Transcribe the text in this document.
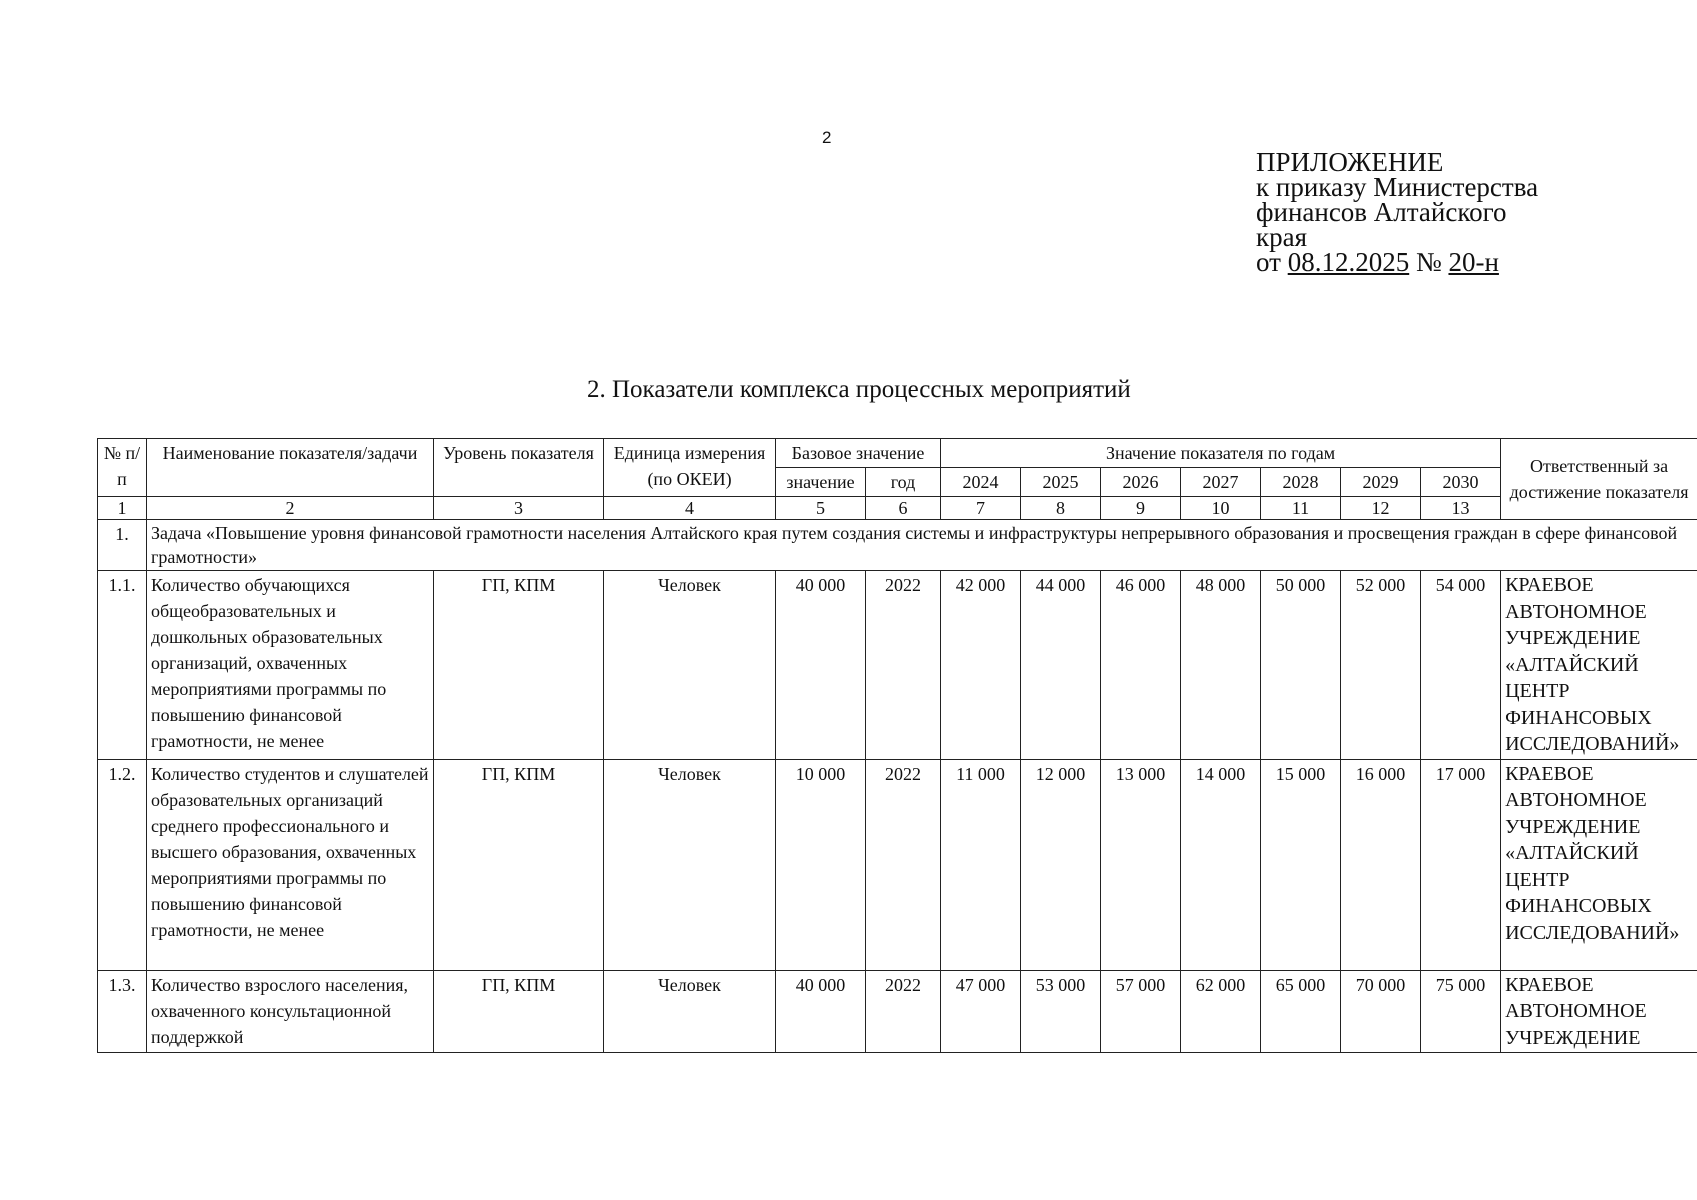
2
ПРИЛОЖЕНИЕ
к приказу Министерства
финансов Алтайского
края
от 08.12.2025 № 20-н
2. Показатели комплекса процессных мероприятий
№ п/п	Наименование показателя/задачи	Уровень показателя	Единица измерения (по ОКЕИ)	Базовое значение		Значение показателя по годам							Ответственный за достижение показателя
				значение	год	2024	2025	2026	2027	2028	2029	2030	
1	2	3	4	5	6	7	8	9	10	11	12	13	
1.	Задача «Повышение уровня финансовой грамотности населения Алтайского края путем создания системы и инфраструктуры непрерывного образования и просвещения граждан в сфере финансовой грамотности»												
1.1.	Количество обучающихся общеобразовательных и дошкольных образовательных организаций, охваченных мероприятиями программы по повышению финансовой грамотности, не менее	ГП, КПМ	Человек	40 000	2022	42 000	44 000	46 000	48 000	50 000	52 000	54 000	КРАЕВОЕ АВТОНОМНОЕ УЧРЕЖДЕНИЕ «АЛТАЙСКИЙ ЦЕНТР ФИНАНСОВЫХ ИССЛЕДОВАНИЙ»
1.2.	Количество студентов и слушателей образовательных организаций среднего профессионального и высшего образования, охваченных мероприятиями программы по повышению финансовой грамотности, не менее	ГП, КПМ	Человек	10 000	2022	11 000	12 000	13 000	14 000	15 000	16 000	17 000	КРАЕВОЕ АВТОНОМНОЕ УЧРЕЖДЕНИЕ «АЛТАЙСКИЙ ЦЕНТР ФИНАНСОВЫХ ИССЛЕДОВАНИЙ»
1.3.	Количество взрослого населения, охваченного консультационной поддержкой	ГП, КПМ	Человек	40 000	2022	47 000	53 000	57 000	62 000	65 000	70 000	75 000	КРАЕВОЕ АВТОНОМНОЕ УЧРЕЖДЕНИЕ
